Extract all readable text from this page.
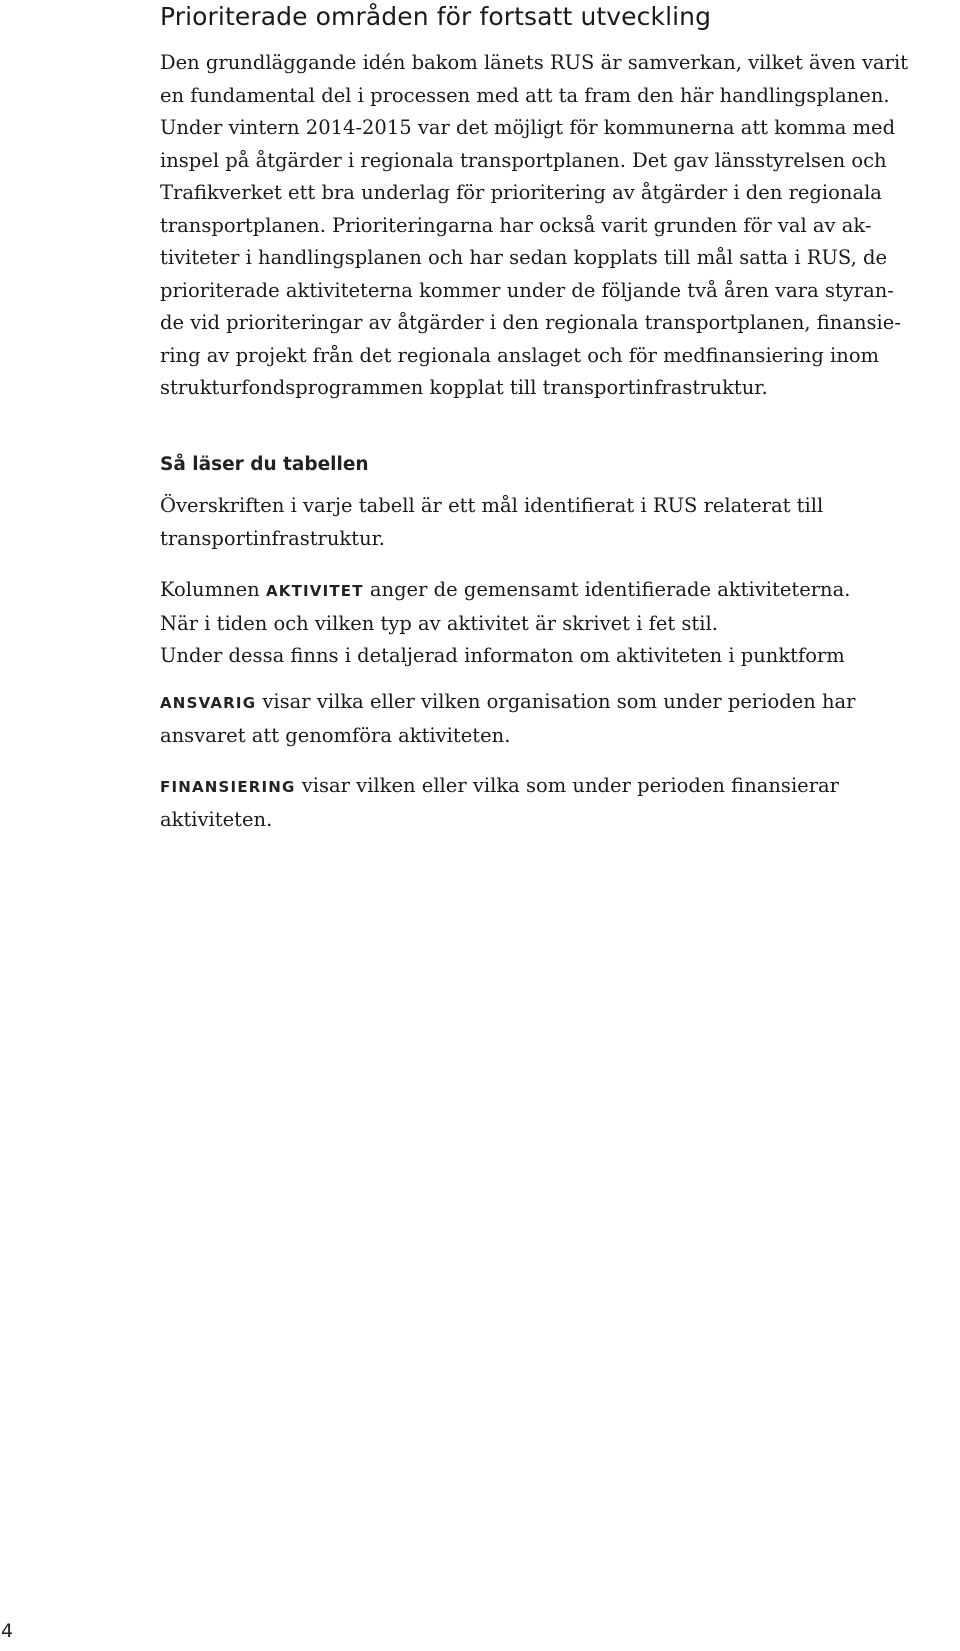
Prioriterade områden för fortsatt utveckling

Den grundläggande idén bakom länets RUS är samverkan, vilket även varit
en fundamental del i processen med att ta fram den här handlingsplanen.
Under vintern 2014-2015 var det möjligt för kommunerna att komma med
inspel på åtgärder i regionala transportplanen. Det gav länsstyrelsen och
Trafikverket ett bra underlag för prioritering av åtgärder i den regionala
transportplanen. Prioriteringarna har också varit grunden för val av ak-
tiviteter i handlingsplanen och har sedan kopplats till mål satta i RUS, de
prioriterade aktiviteterna kommer under de följande två åren vara styran-
de vid prioriteringar av åtgärder i den regionala transportplanen, finansie-
ring av projekt från det regionala anslaget och för medfinansiering inom
strukturfondsprogrammen kopplat till transportinfrastruktur.

Så läser du tabellen

Överskriften i varje tabell är ett mål identifierat i RUS relaterat till
transportinfrastruktur.

Kolumnen AKTIVITET anger de gemensamt identifierade aktiviteterna.
När i tiden och vilken typ av aktivitet är skrivet i fet stil.
Under dessa finns i detaljerad informaton om aktiviteten i punktform

ANSVARIG visar vilka eller vilken organisation som under perioden har
ansvaret att genomföra aktiviteten.

FINANSIERING visar vilken eller vilka som under perioden finansierar
aktiviteten.

4
